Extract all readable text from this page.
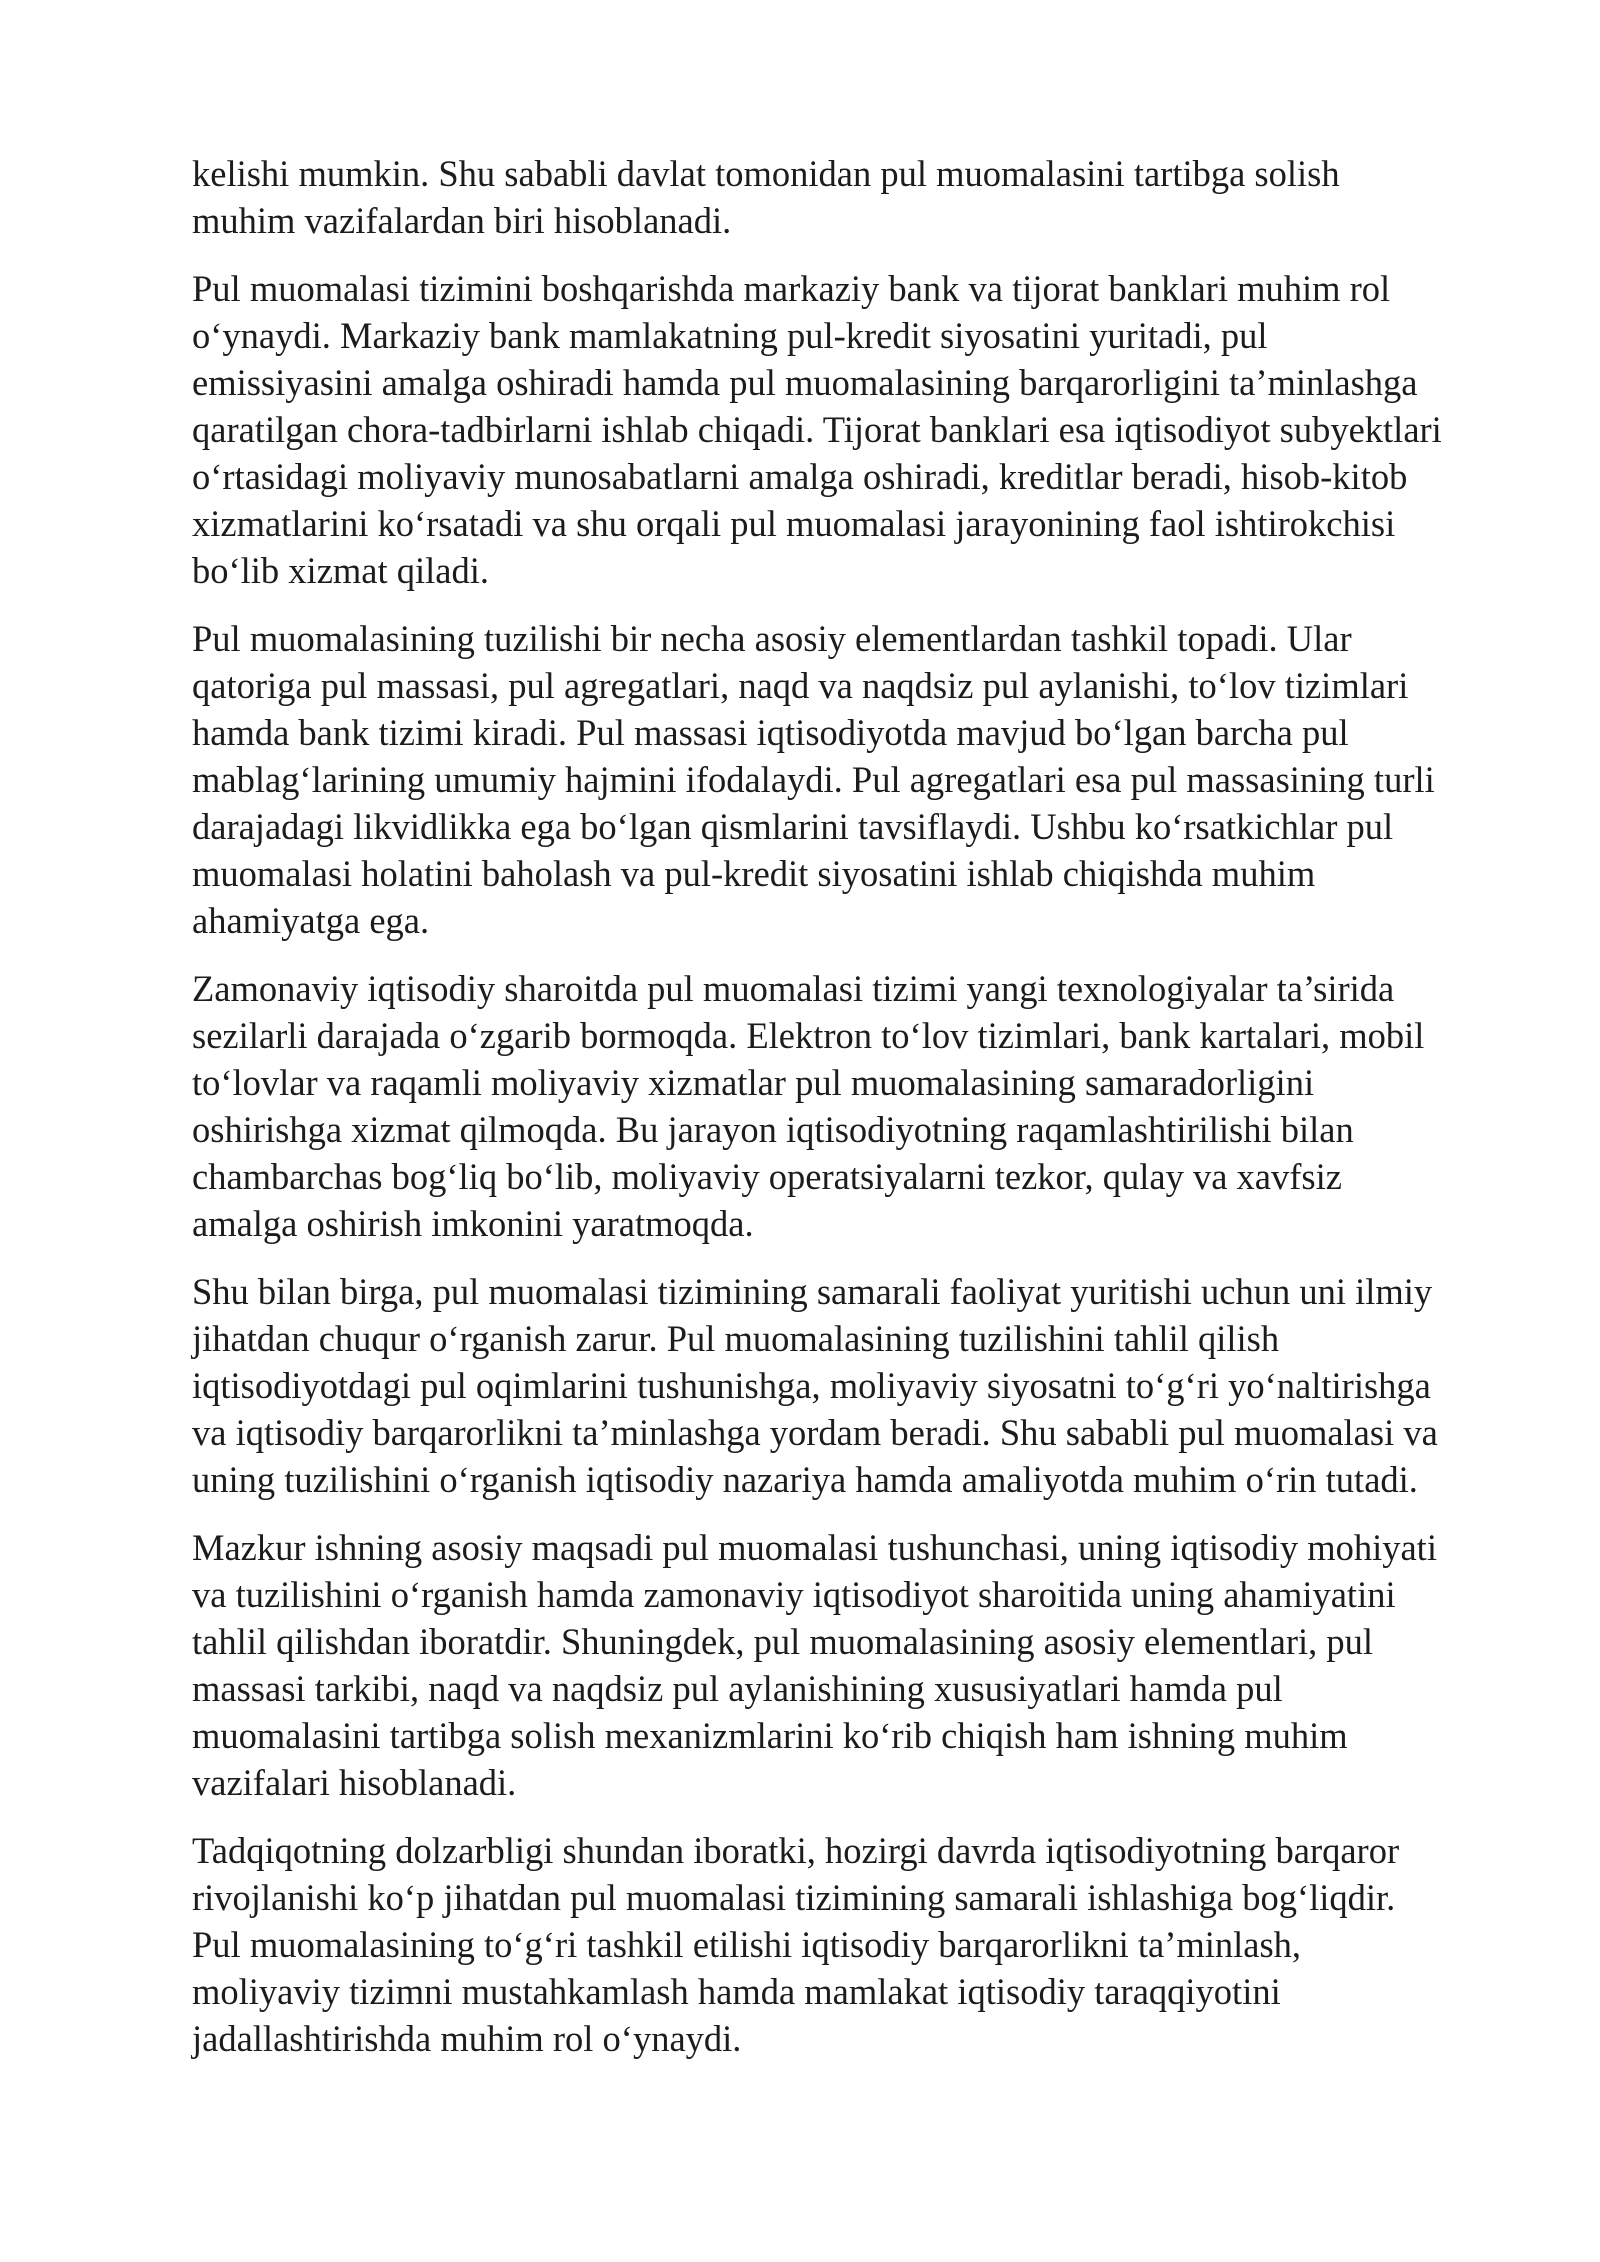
kelishi mumkin. Shu sababli davlat tomonidan pul muomalasini tartibga solish
muhim vazifalardan biri hisoblanadi.

Pul muomalasi tizimini boshqarishda markaziy bank va tijorat banklari muhim rol
o‘ynaydi. Markaziy bank mamlakatning pul-kredit siyosatini yuritadi, pul
emissiyasini amalga oshiradi hamda pul muomalasining barqarorligini ta’minlashga
qaratilgan chora-tadbirlarni ishlab chiqadi. Tijorat banklari esa iqtisodiyot subyektlari
o‘rtasidagi moliyaviy munosabatlarni amalga oshiradi, kreditlar beradi, hisob-kitob
xizmatlarini ko‘rsatadi va shu orqali pul muomalasi jarayonining faol ishtirokchisi
bo‘lib xizmat qiladi.

Pul muomalasining tuzilishi bir necha asosiy elementlardan tashkil topadi. Ular
qatoriga pul massasi, pul agregatlari, naqd va naqdsiz pul aylanishi, to‘lov tizimlari
hamda bank tizimi kiradi. Pul massasi iqtisodiyotda mavjud bo‘lgan barcha pul
mablag‘larining umumiy hajmini ifodalaydi. Pul agregatlari esa pul massasining turli
darajadagi likvidlikka ega bo‘lgan qismlarini tavsiflaydi. Ushbu ko‘rsatkichlar pul
muomalasi holatini baholash va pul-kredit siyosatini ishlab chiqishda muhim
ahamiyatga ega.

Zamonaviy iqtisodiy sharoitda pul muomalasi tizimi yangi texnologiyalar ta’sirida
sezilarli darajada o‘zgarib bormoqda. Elektron to‘lov tizimlari, bank kartalari, mobil
to‘lovlar va raqamli moliyaviy xizmatlar pul muomalasining samaradorligini
oshirishga xizmat qilmoqda. Bu jarayon iqtisodiyotning raqamlashtirilishi bilan
chambarchas bog‘liq bo‘lib, moliyaviy operatsiyalarni tezkor, qulay va xavfsiz
amalga oshirish imkonini yaratmoqda.

Shu bilan birga, pul muomalasi tizimining samarali faoliyat yuritishi uchun uni ilmiy
jihatdan chuqur o‘rganish zarur. Pul muomalasining tuzilishini tahlil qilish
iqtisodiyotdagi pul oqimlarini tushunishga, moliyaviy siyosatni to‘g‘ri yo‘naltirishga
va iqtisodiy barqarorlikni ta’minlashga yordam beradi. Shu sababli pul muomalasi va
uning tuzilishini o‘rganish iqtisodiy nazariya hamda amaliyotda muhim o‘rin tutadi.

Mazkur ishning asosiy maqsadi pul muomalasi tushunchasi, uning iqtisodiy mohiyati
va tuzilishini o‘rganish hamda zamonaviy iqtisodiyot sharoitida uning ahamiyatini
tahlil qilishdan iboratdir. Shuningdek, pul muomalasining asosiy elementlari, pul
massasi tarkibi, naqd va naqdsiz pul aylanishining xususiyatlari hamda pul
muomalasini tartibga solish mexanizmlarini ko‘rib chiqish ham ishning muhim
vazifalari hisoblanadi.

Tadqiqotning dolzarbligi shundan iboratki, hozirgi davrda iqtisodiyotning barqaror
rivojlanishi ko‘p jihatdan pul muomalasi tizimining samarali ishlashiga bog‘liqdir.
Pul muomalasining to‘g‘ri tashkil etilishi iqtisodiy barqarorlikni ta’minlash,
moliyaviy tizimni mustahkamlash hamda mamlakat iqtisodiy taraqqiyotini
jadallashtirishda muhim rol o‘ynaydi.
